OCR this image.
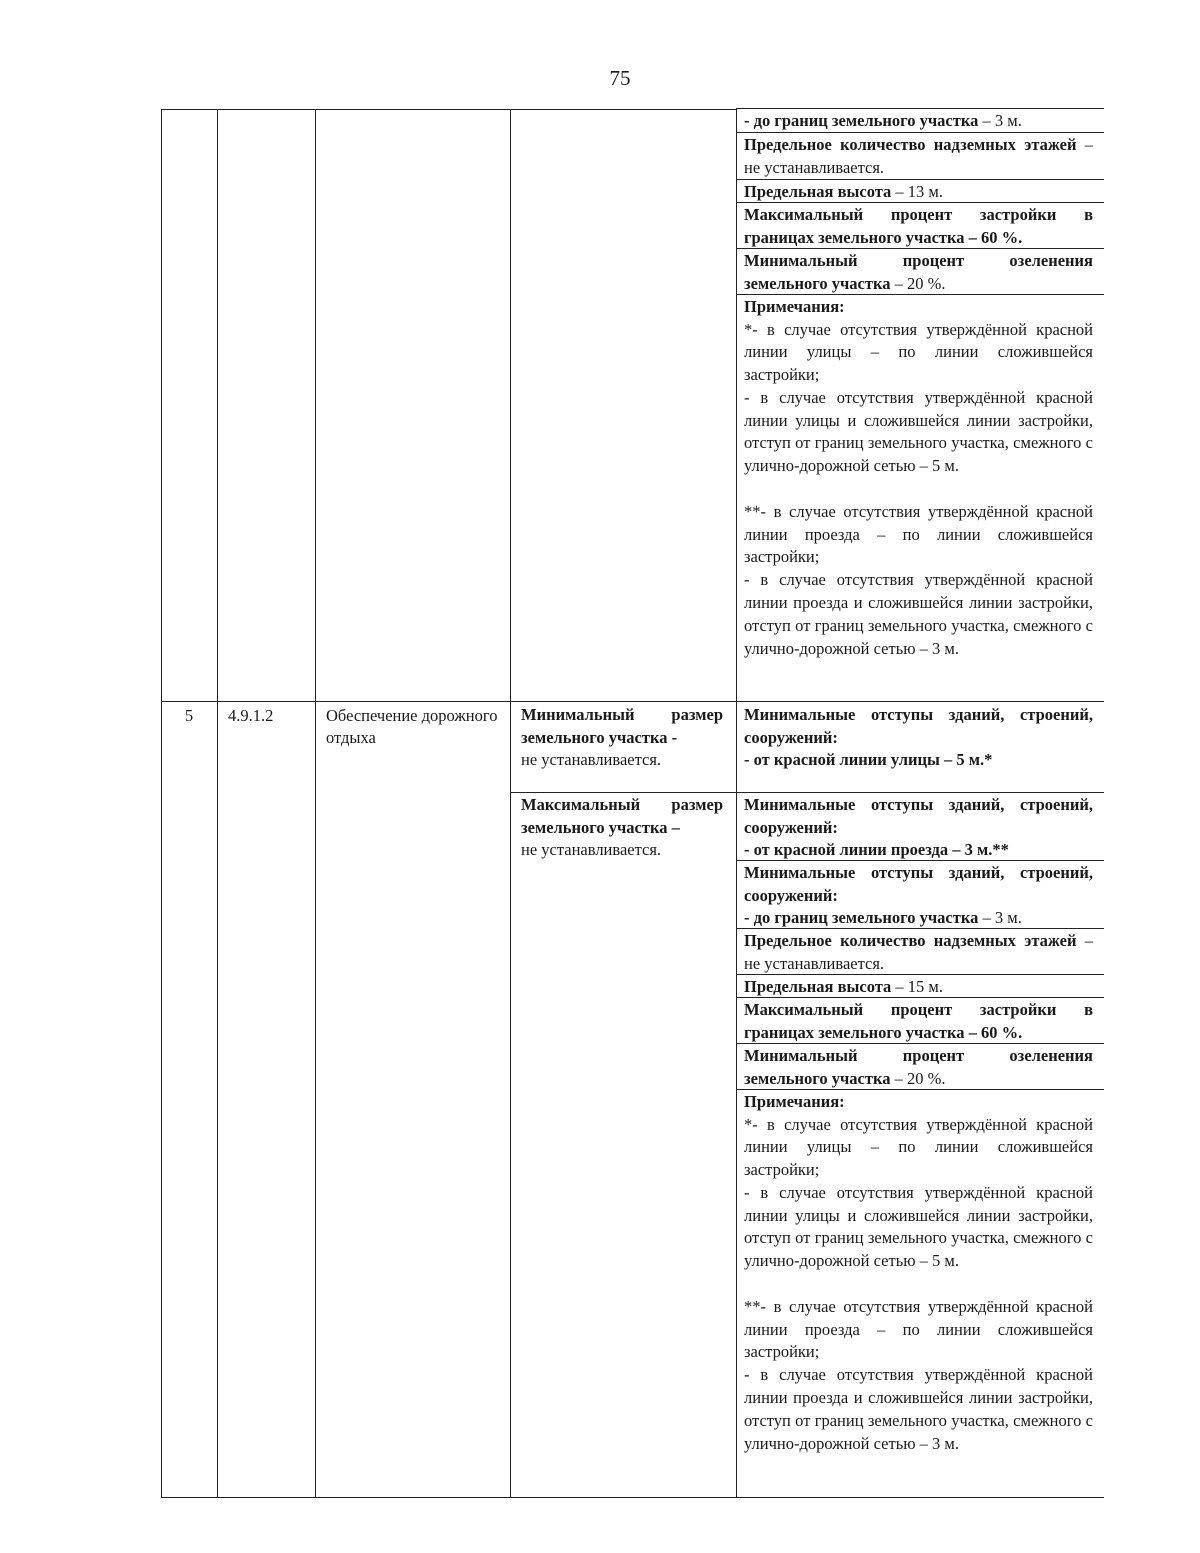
75
- до границ земельного участка – 3 м.
Предельное количество надземных этажей – не устанавливается.
Предельная высота – 13 м.
Максимальный процент застройки в границах земельного участка – 60 %.
Минимальный процент озеленения земельного участка – 20 %.
Примечания:
*- в случае отсутствия утверждённой красной линии улицы – по линии сложившейся застройки;
- в случае отсутствия утверждённой красной линии улицы и сложившейся линии застройки, отступ от границ земельного участка, смежного с улично-дорожной сетью – 5 м.

**- в случае отсутствия утверждённой красной линии проезда – по линии сложившейся застройки;
- в случае отсутствия утверждённой красной линии проезда и сложившейся линии застройки, отступ от границ земельного участка, смежного с улично-дорожной сетью – 3 м.
5	4.9.1.2	Обеспечение дорожного отдыха
Минимальный размер земельного участка -
не устанавливается.
Максимальный размер земельного участка –
не устанавливается.
Минимальные отступы зданий, строений, сооружений:
- от красной линии улицы – 5 м.*
Минимальные отступы зданий, строений, сооружений:
- от красной линии проезда – 3 м.**
Минимальные отступы зданий, строений, сооружений:
- до границ земельного участка – 3 м.
Предельное количество надземных этажей – не устанавливается.
Предельная высота – 15 м.
Максимальный процент застройки в границах земельного участка – 60 %.
Минимальный процент озеленения земельного участка – 20 %.
Примечания:
*- в случае отсутствия утверждённой красной линии улицы – по линии сложившейся застройки;
- в случае отсутствия утверждённой красной линии улицы и сложившейся линии застройки, отступ от границ земельного участка, смежного с улично-дорожной сетью – 5 м.

**- в случае отсутствия утверждённой красной линии проезда – по линии сложившейся застройки;
- в случае отсутствия утверждённой красной линии проезда и сложившейся линии застройки, отступ от границ земельного участка, смежного с улично-дорожной сетью – 3 м.
